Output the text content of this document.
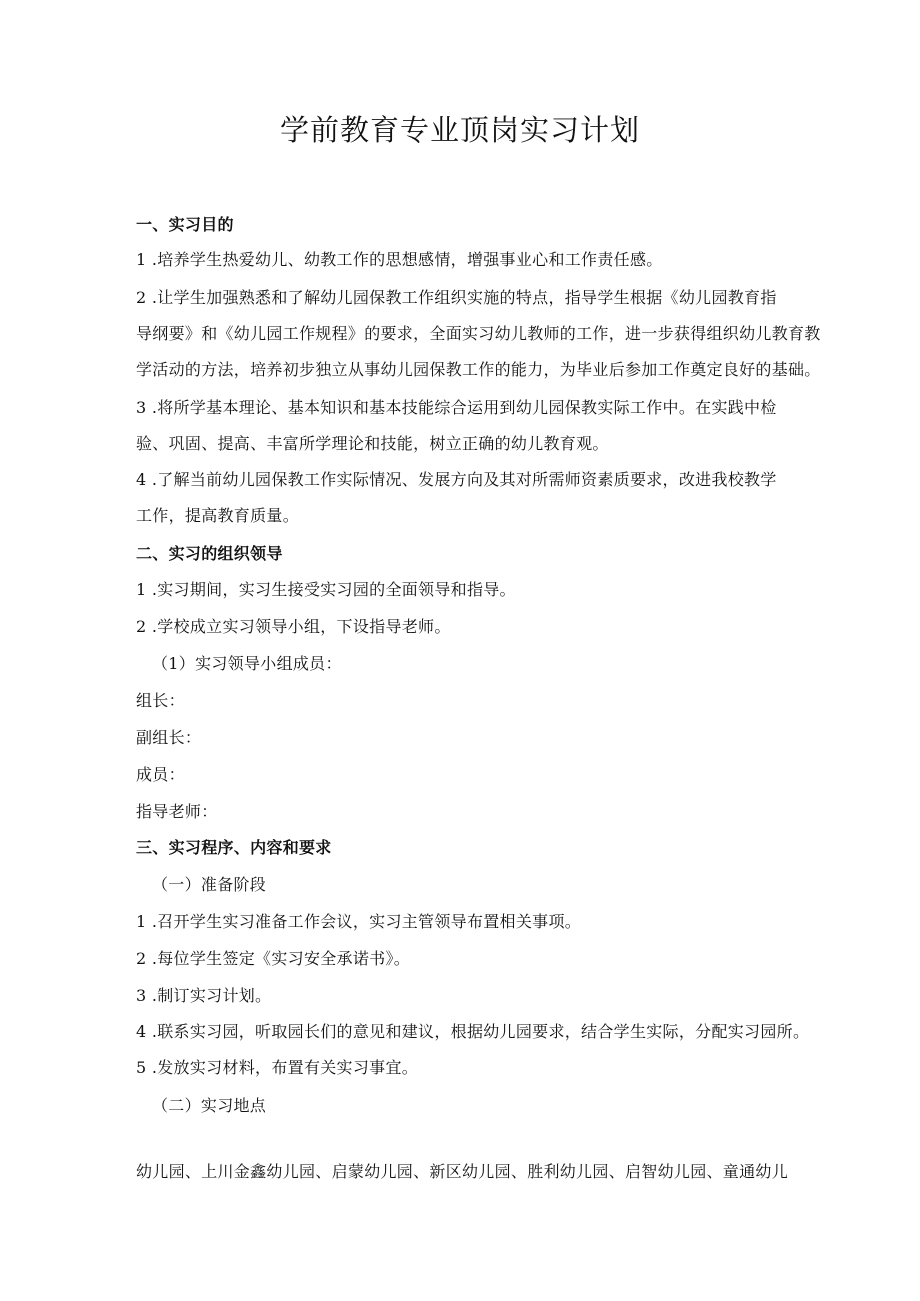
学前教育专业顶岗实习计划
一、实习目的
1 .培养学生热爱幼儿、幼教工作的思想感情，增强事业心和工作责任感。
2 .让学生加强熟悉和了解幼儿园保教工作组织实施的特点，指导学生根据《幼儿园教育指
导纲要》和《幼儿园工作规程》的要求，全面实习幼儿教师的工作，进一步获得组织幼儿教育教
学活动的方法，培养初步独立从事幼儿园保教工作的能力，为毕业后参加工作奠定良好的基础。
3 .将所学基本理论、基本知识和基本技能综合运用到幼儿园保教实际工作中。在实践中检
验、巩固、提高、丰富所学理论和技能，树立正确的幼儿教育观。
4 .了解当前幼儿园保教工作实际情况、发展方向及其对所需师资素质要求，改进我校教学
工作，提高教育质量。
二、实习的组织领导
1 .实习期间，实习生接受实习园的全面领导和指导。
2 .学校成立实习领导小组，下设指导老师。
（1）实习领导小组成员：
组长：
副组长：
成员：
指导老师：
三、实习程序、内容和要求
（一）准备阶段
1 .召开学生实习准备工作会议，实习主管领导布置相关事项。
2 .每位学生签定《实习安全承诺书》。
3 .制订实习计划。
4 .联系实习园，听取园长们的意见和建议，根据幼儿园要求，结合学生实际，分配实习园所。
5 .发放实习材料，布置有关实习事宜。
（二）实习地点
幼儿园、上川金鑫幼儿园、启蒙幼儿园、新区幼儿园、胜利幼儿园、启智幼儿园、童通幼儿
